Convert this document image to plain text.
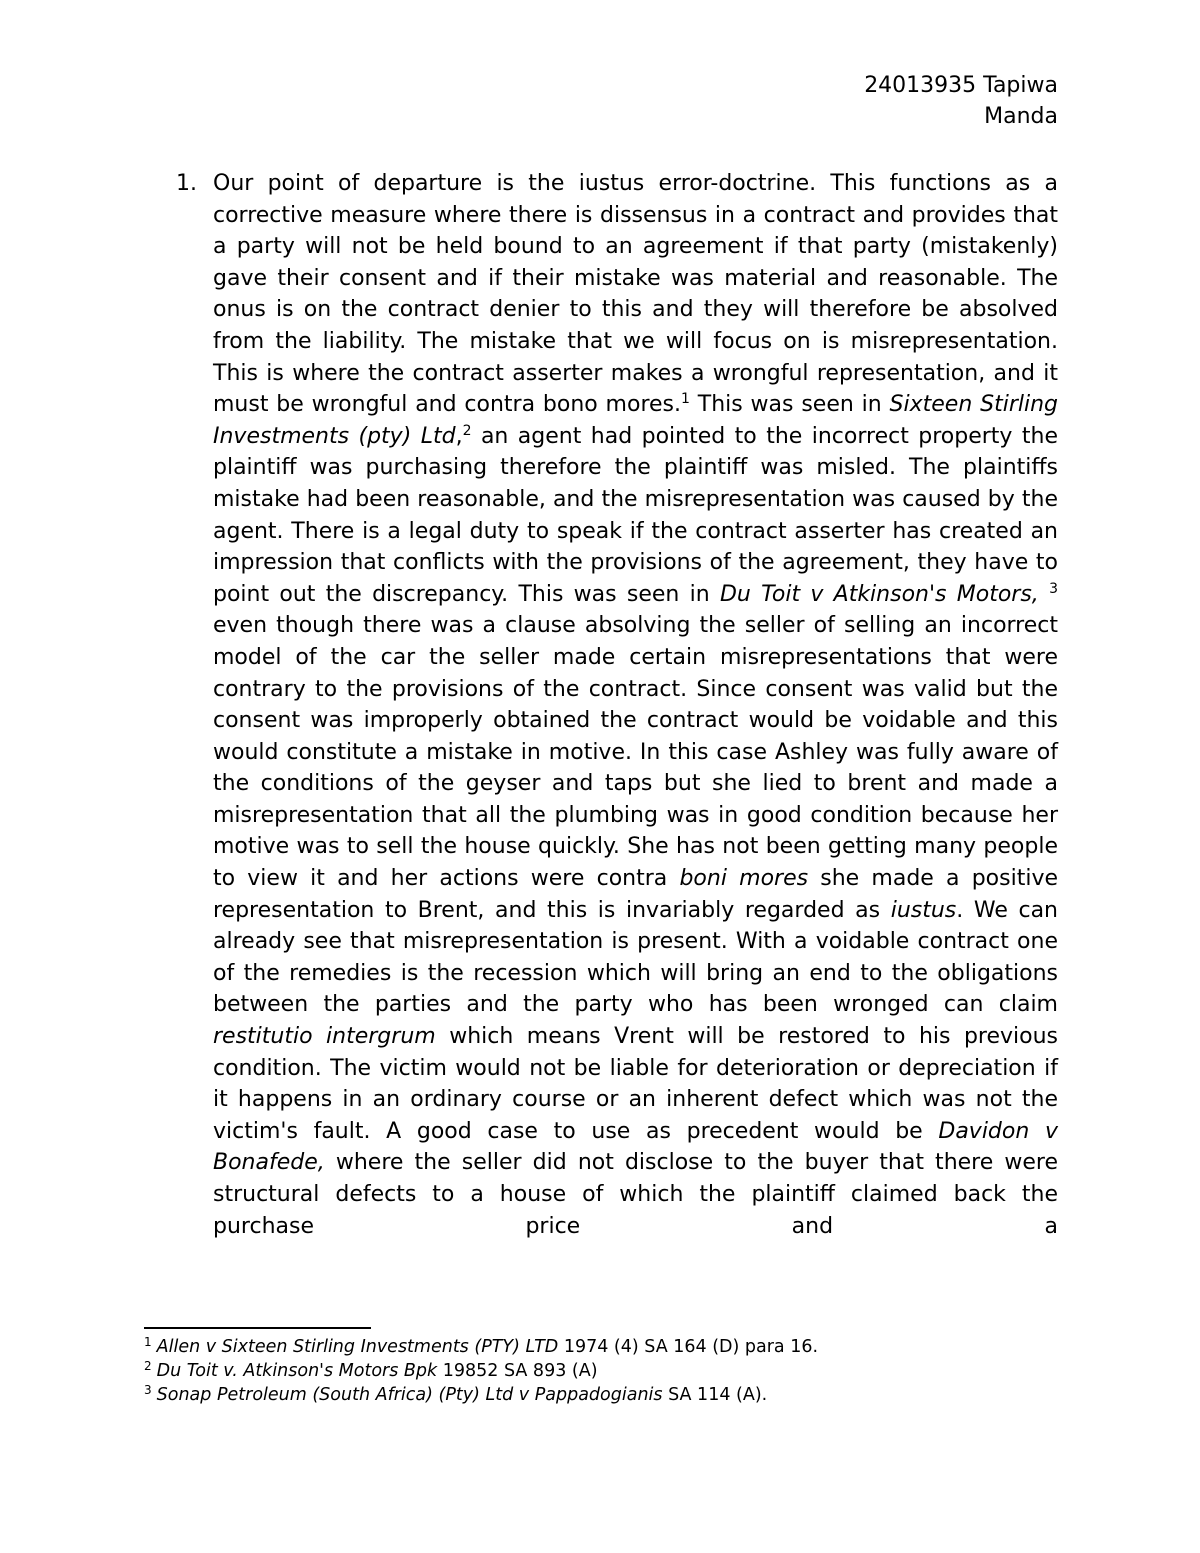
24013935 Tapiwa
Manda
1. Our point of departure is the iustus error-doctrine. This functions as a corrective measure where there is dissensus in a contract and provides that a party will not be held bound to an agreement if that party (mistakenly) gave their consent and if their mistake was material and reasonable. The onus is on the contract denier to this and they will therefore be absolved from the liability. The mistake that we will focus on is misrepresentation. This is where the contract asserter makes a wrongful representation, and it must be wrongful and contra bono mores.$^1$ This was seen in Sixteen Stirling Investments (pty) Ltd,$^2$ an agent had pointed to the incorrect property the plaintiff was purchasing therefore the plaintiff was misled. The plaintiffs mistake had been reasonable, and the misrepresentation was caused by the agent. There is a legal duty to speak if the contract asserter has created an impression that conflicts with the provisions of the agreement, they have to point out the discrepancy. This was seen in Du Toit v Atkinson's Motors, $^3$ even though there was a clause absolving the seller of selling an incorrect model of the car the seller made certain misrepresentations that were contrary to the provisions of the contract. Since consent was valid but the consent was improperly obtained the contract would be voidable and this would constitute a mistake in motive. In this case Ashley was fully aware of the conditions of the geyser and taps but she lied to brent and made a misrepresentation that all the plumbing was in good condition because her motive was to sell the house quickly. She has not been getting many people to view it and her actions were contra boni mores she made a positive representation to Brent, and this is invariably regarded as iustus. We can already see that misrepresentation is present. With a voidable contract one of the remedies is the recession which will bring an end to the obligations between the parties and the party who has been wronged can claim restitutio intergrum which means Vrent will be restored to his previous condition. The victim would not be liable for deterioration or depreciation if it happens in an ordinary course or an inherent defect which was not the victim's fault. A good case to use as precedent would be Davidon v Bonafede, where the seller did not disclose to the buyer that there were structural defects to a house of which the plaintiff claimed back the purchase price and a

$^1$ Allen v Sixteen Stirling Investments (PTY) LTD 1974 (4) SA 164 (D) para 16.
$^2$ Du Toit v. Atkinson's Motors Bpk 19852 SA 893 (A)
$^3$ Sonap Petroleum (South Africa) (Pty) Ltd v Pappadogianis SA 114 (A).
